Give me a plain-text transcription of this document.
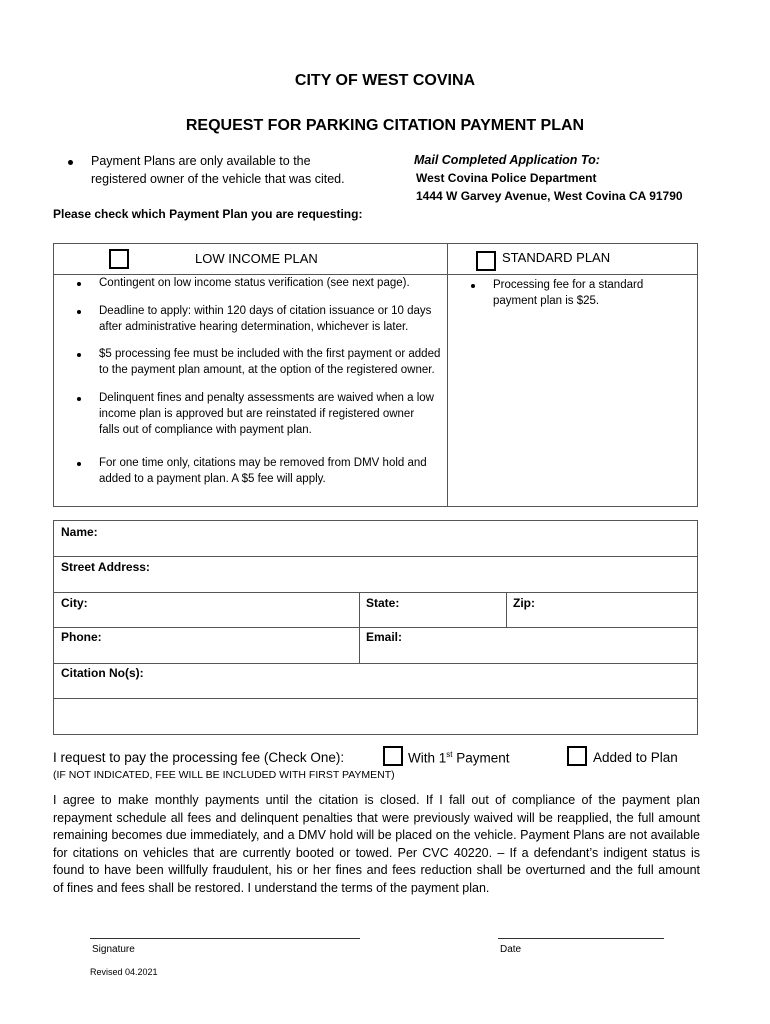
CITY OF WEST COVINA
REQUEST FOR PARKING CITATION PAYMENT PLAN
Payment Plans are only available to the
registered owner of the vehicle that was cited.
Please check which Payment Plan you are requesting:
Mail Completed Application To:
West Covina Police Department
1444 W Garvey Avenue, West Covina CA 91790
LOW INCOME PLAN	STANDARD PLAN
Contingent on low income status verification (see next page).
Deadline to apply: within 120 days of citation issuance or 10 days
after administrative hearing determination, whichever is later.
$5 processing fee must be included with the first payment or added
to the payment plan amount, at the option of the registered owner.
Delinquent fines and penalty assessments are waived when a low
income plan is approved but are reinstated if registered owner
falls out of compliance with payment plan.
For one time only, citations may be removed from DMV hold and
added to a payment plan. A $5 fee will apply.
Processing fee for a standard
payment plan is $25.
Name:
Street Address:
City:	State:	Zip:
Phone:	Email:
Citation No(s):
I request to pay the processing fee (Check One):	With 1st Payment	Added to Plan
(IF NOT INDICATED, FEE WILL BE INCLUDED WITH FIRST PAYMENT)
I agree to make monthly payments until the citation is closed. If I fall out of compliance of the payment plan
repayment schedule all fees and delinquent penalties that were previously waived will be reapplied, the full amount
remaining becomes due immediately, and a DMV hold will be placed on the vehicle. Payment Plans are not available
for citations on vehicles that are currently booted or towed. Per CVC 40220. – If a defendant’s indigent status is
found to have been willfully fraudulent, his or her fines and fees reduction shall be overturned and the full amount
of fines and fees shall be restored. I understand the terms of the payment plan.
Signature	Date
Revised 04.2021
